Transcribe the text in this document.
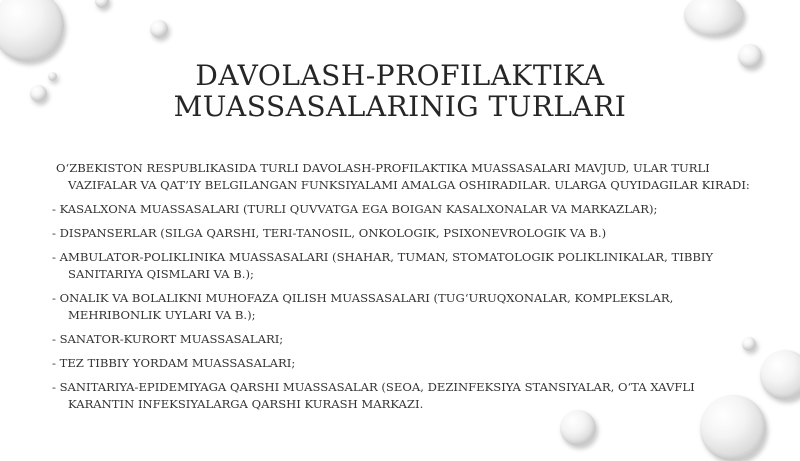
DAVOLASH-PROFILAKTIKA
MUASSASALARINIG TURLARI

O‘ZBEKISTON RESPUBLIKASIDA TURLI DAVOLASH-PROFILAKTIKA MUASSASALARI MAVJUD, ULAR TURLI VAZIFALAR VA QAT’IY BELGILANGAN FUNKSIYALAMI AMALGA OSHIRADILAR. ULARGA QUYIDAGILAR KIRADI:

- KASALXONA MUASSASALARI (TURLI QUVVATGA EGA BOIGAN KASALXONALAR VA MARKAZLAR);

- DISPANSERLAR (SILGA QARSHI, TERI-TANOSIL, ONKOLOGIK, PSIXONEVROLOGIK VA B.)

- AMBULATOR-POLIKLINIKA MUASSASALARI (SHAHAR, TUMAN, STOMATOLOGIK POLIKLINIKALAR, TIBBIY SANITARIYA QISMLARI VA B.);

- ONALIK VA BOLALIKNI MUHOFAZA QILISH MUASSASALARI (TUG‘URUQXONALAR, KOMPLEKSLAR, MEHRIBONLIK UYLARI VA B.);

- SANATOR-KURORT MUASSASALARI;

- TEZ TIBBIY YORDAM MUASSASALARI;

- SANITARIYA-EPIDEMIYAGA QARSHI MUASSASALAR (SEOA, DEZINFEKSIYA STANSIYALAR, O‘TA XAVFLI KARANTIN INFEKSIYALARGA QARSHI KURASH MARKAZI.
